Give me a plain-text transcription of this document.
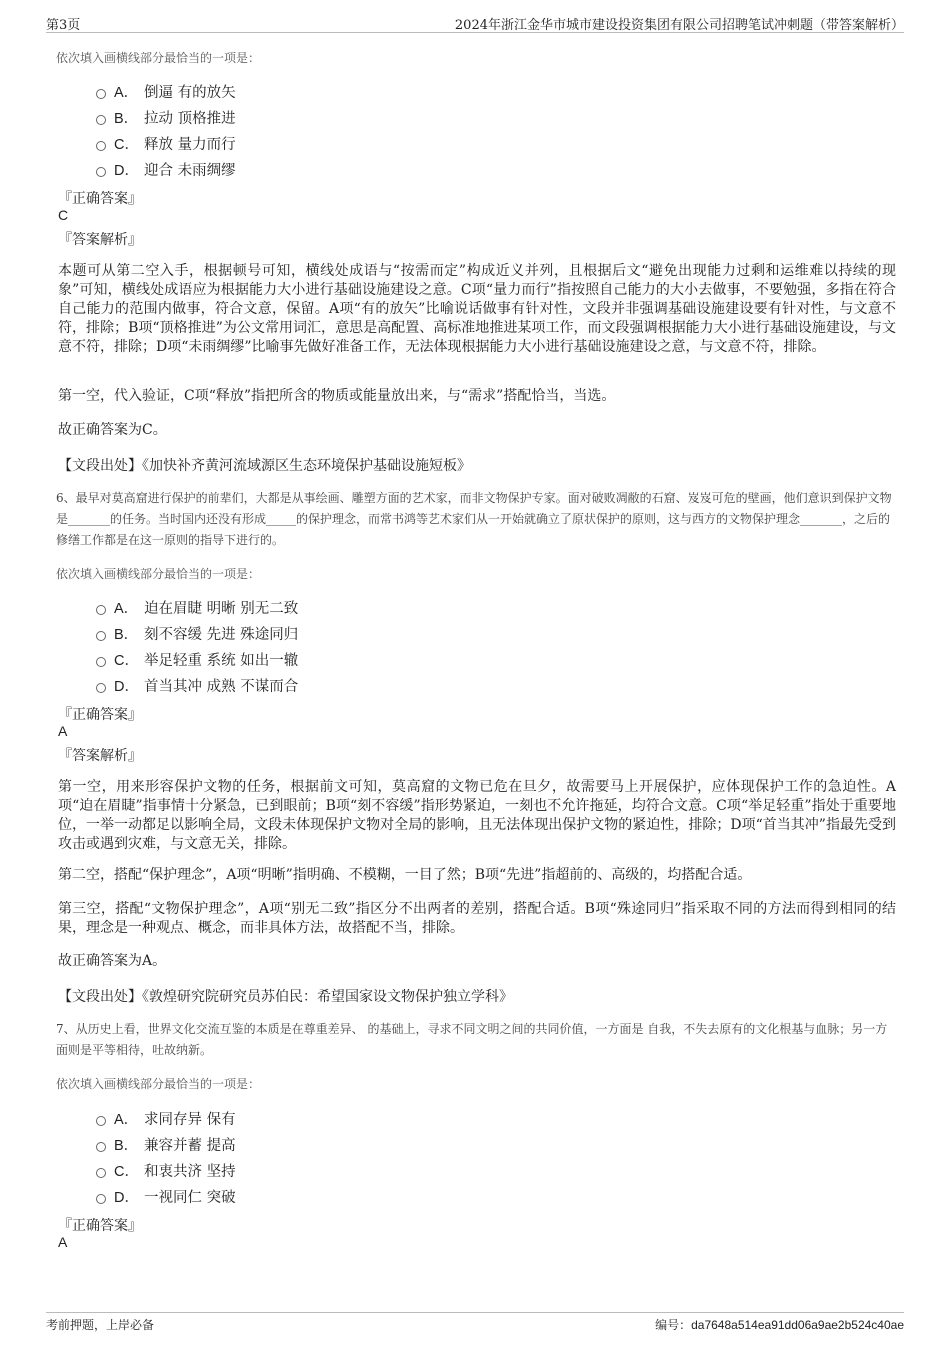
第3页	2024年浙江金华市城市建设投资集团有限公司招聘笔试冲刺题（带答案解析）
依次填入画横线部分最恰当的一项是：
A． 倒逼 有的放矢
B． 拉动 顶格推进
C． 释放 量力而行
D． 迎合 未雨绸缪
『正确答案』
C
『答案解析』
本题可从第二空入手，根据顿号可知，横线处成语与“按需而定”构成近义并列，且根据后文“避免出现能力过剩和运维难以持续的现象”可知，横线处成语应为根据能力大小进行基础设施建设之意。C项“量力而行”指按照自己能力的大小去做事，不要勉强，多指在符合自己能力的范围内做事，符合文意，保留。A项“有的放矢”比喻说话做事有针对性，文段并非强调基础设施建设要有针对性，与文意不符，排除；B项“顶格推进”为公文常用词汇，意思是高配置、高标准地推进某项工作，而文段强调根据能力大小进行基础设施建设，与文意不符，排除；D项“未雨绸缪”比喻事先做好准备工作，无法体现根据能力大小进行基础设施建设之意，与文意不符，排除。
第一空，代入验证，C项“释放”指把所含的物质或能量放出来，与“需求”搭配恰当，当选。
故正确答案为C。
【文段出处】《加快补齐黄河流域源区生态环境保护基础设施短板》
6、最早对莫高窟进行保护的前辈们，大都是从事绘画、雕塑方面的艺术家，而非文物保护专家。面对破败凋敝的石窟、岌岌可危的壁画，他们意识到保护文物是_______的任务。当时国内还没有形成_____的保护理念，而常书鸿等艺术家们从一开始就确立了原状保护的原则，这与西方的文物保护理念_______，之后的修缮工作都是在这一原则的指导下进行的。
依次填入画横线部分最恰当的一项是：
A． 迫在眉睫 明晰 别无二致
B． 刻不容缓 先进 殊途同归
C． 举足轻重 系统 如出一辙
D． 首当其冲 成熟 不谋而合
『正确答案』
A
『答案解析』
第一空，用来形容保护文物的任务，根据前文可知，莫高窟的文物已危在旦夕，故需要马上开展保护，应体现保护工作的急迫性。A项“迫在眉睫”指事情十分紧急，已到眼前；B项“刻不容缓”指形势紧迫，一刻也不允许拖延，均符合文意。C项“举足轻重”指处于重要地位，一举一动都足以影响全局，文段未体现保护文物对全局的影响，且无法体现出保护文物的紧迫性，排除；D项“首当其冲”指最先受到攻击或遇到灾难，与文意无关，排除。
第二空，搭配“保护理念”，A项“明晰”指明确、不模糊，一目了然；B项“先进”指超前的、高级的，均搭配合适。
第三空，搭配“文物保护理念”，A项“别无二致”指区分不出两者的差别，搭配合适。B项“殊途同归”指采取不同的方法而得到相同的结果，理念是一种观点、概念，而非具体方法，故搭配不当，排除。
故正确答案为A。
【文段出处】《敦煌研究院研究员苏伯民：希望国家设文物保护独立学科》
7、从历史上看，世界文化交流互鉴的本质是在尊重差异、 的基础上，寻求不同文明之间的共同价值，一方面是 自我，不失去原有的文化根基与血脉；另一方面则是平等相待，吐故纳新。
依次填入画横线部分最恰当的一项是：
A． 求同存异 保有
B． 兼容并蓄 提高
C． 和衷共济 坚持
D． 一视同仁 突破
『正确答案』
A
考前押题，上岸必备	编号：da7648a514ea91dd06a9ae2b524c40ae
